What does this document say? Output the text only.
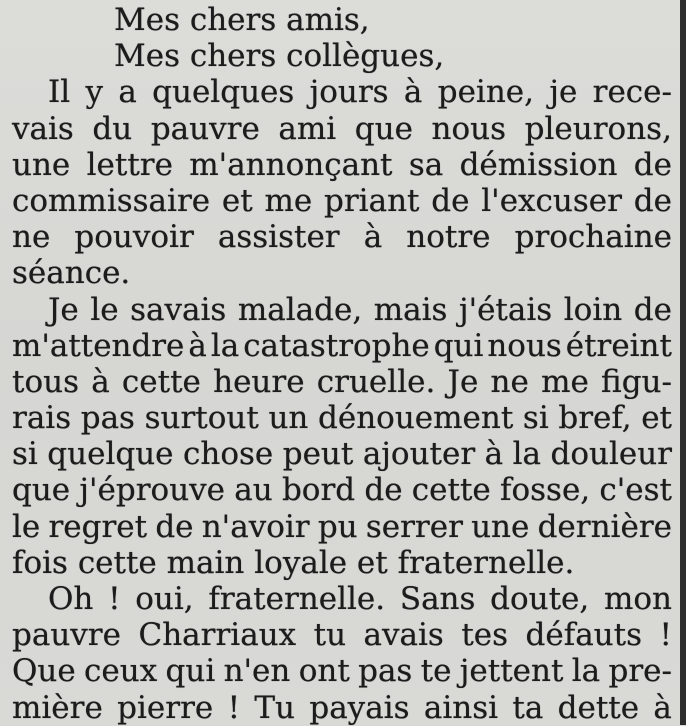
Mes chers amis,
Mes chers collègues,
Il y a quelques jours à peine, je rece-
vais du pauvre ami que nous pleurons,
une lettre m'annonçant sa démission de
commissaire et me priant de l'excuser de
ne pouvoir assister à notre prochaine
séance.
Je le savais malade, mais j'étais loin de
m'attendre à la catastrophe qui nous étreint
tous à cette heure cruelle. Je ne me figu-
rais pas surtout un dénouement si bref, et
si quelque chose peut ajouter à la douleur
que j'éprouve au bord de cette fosse, c'est
le regret de n'avoir pu serrer une dernière
fois cette main loyale et fraternelle.
Oh ! oui, fraternelle. Sans doute, mon
pauvre Charriaux tu avais tes défauts !
Que ceux qui n'en ont pas te jettent la pre-
mière pierre ! Tu payais ainsi ta dette à
